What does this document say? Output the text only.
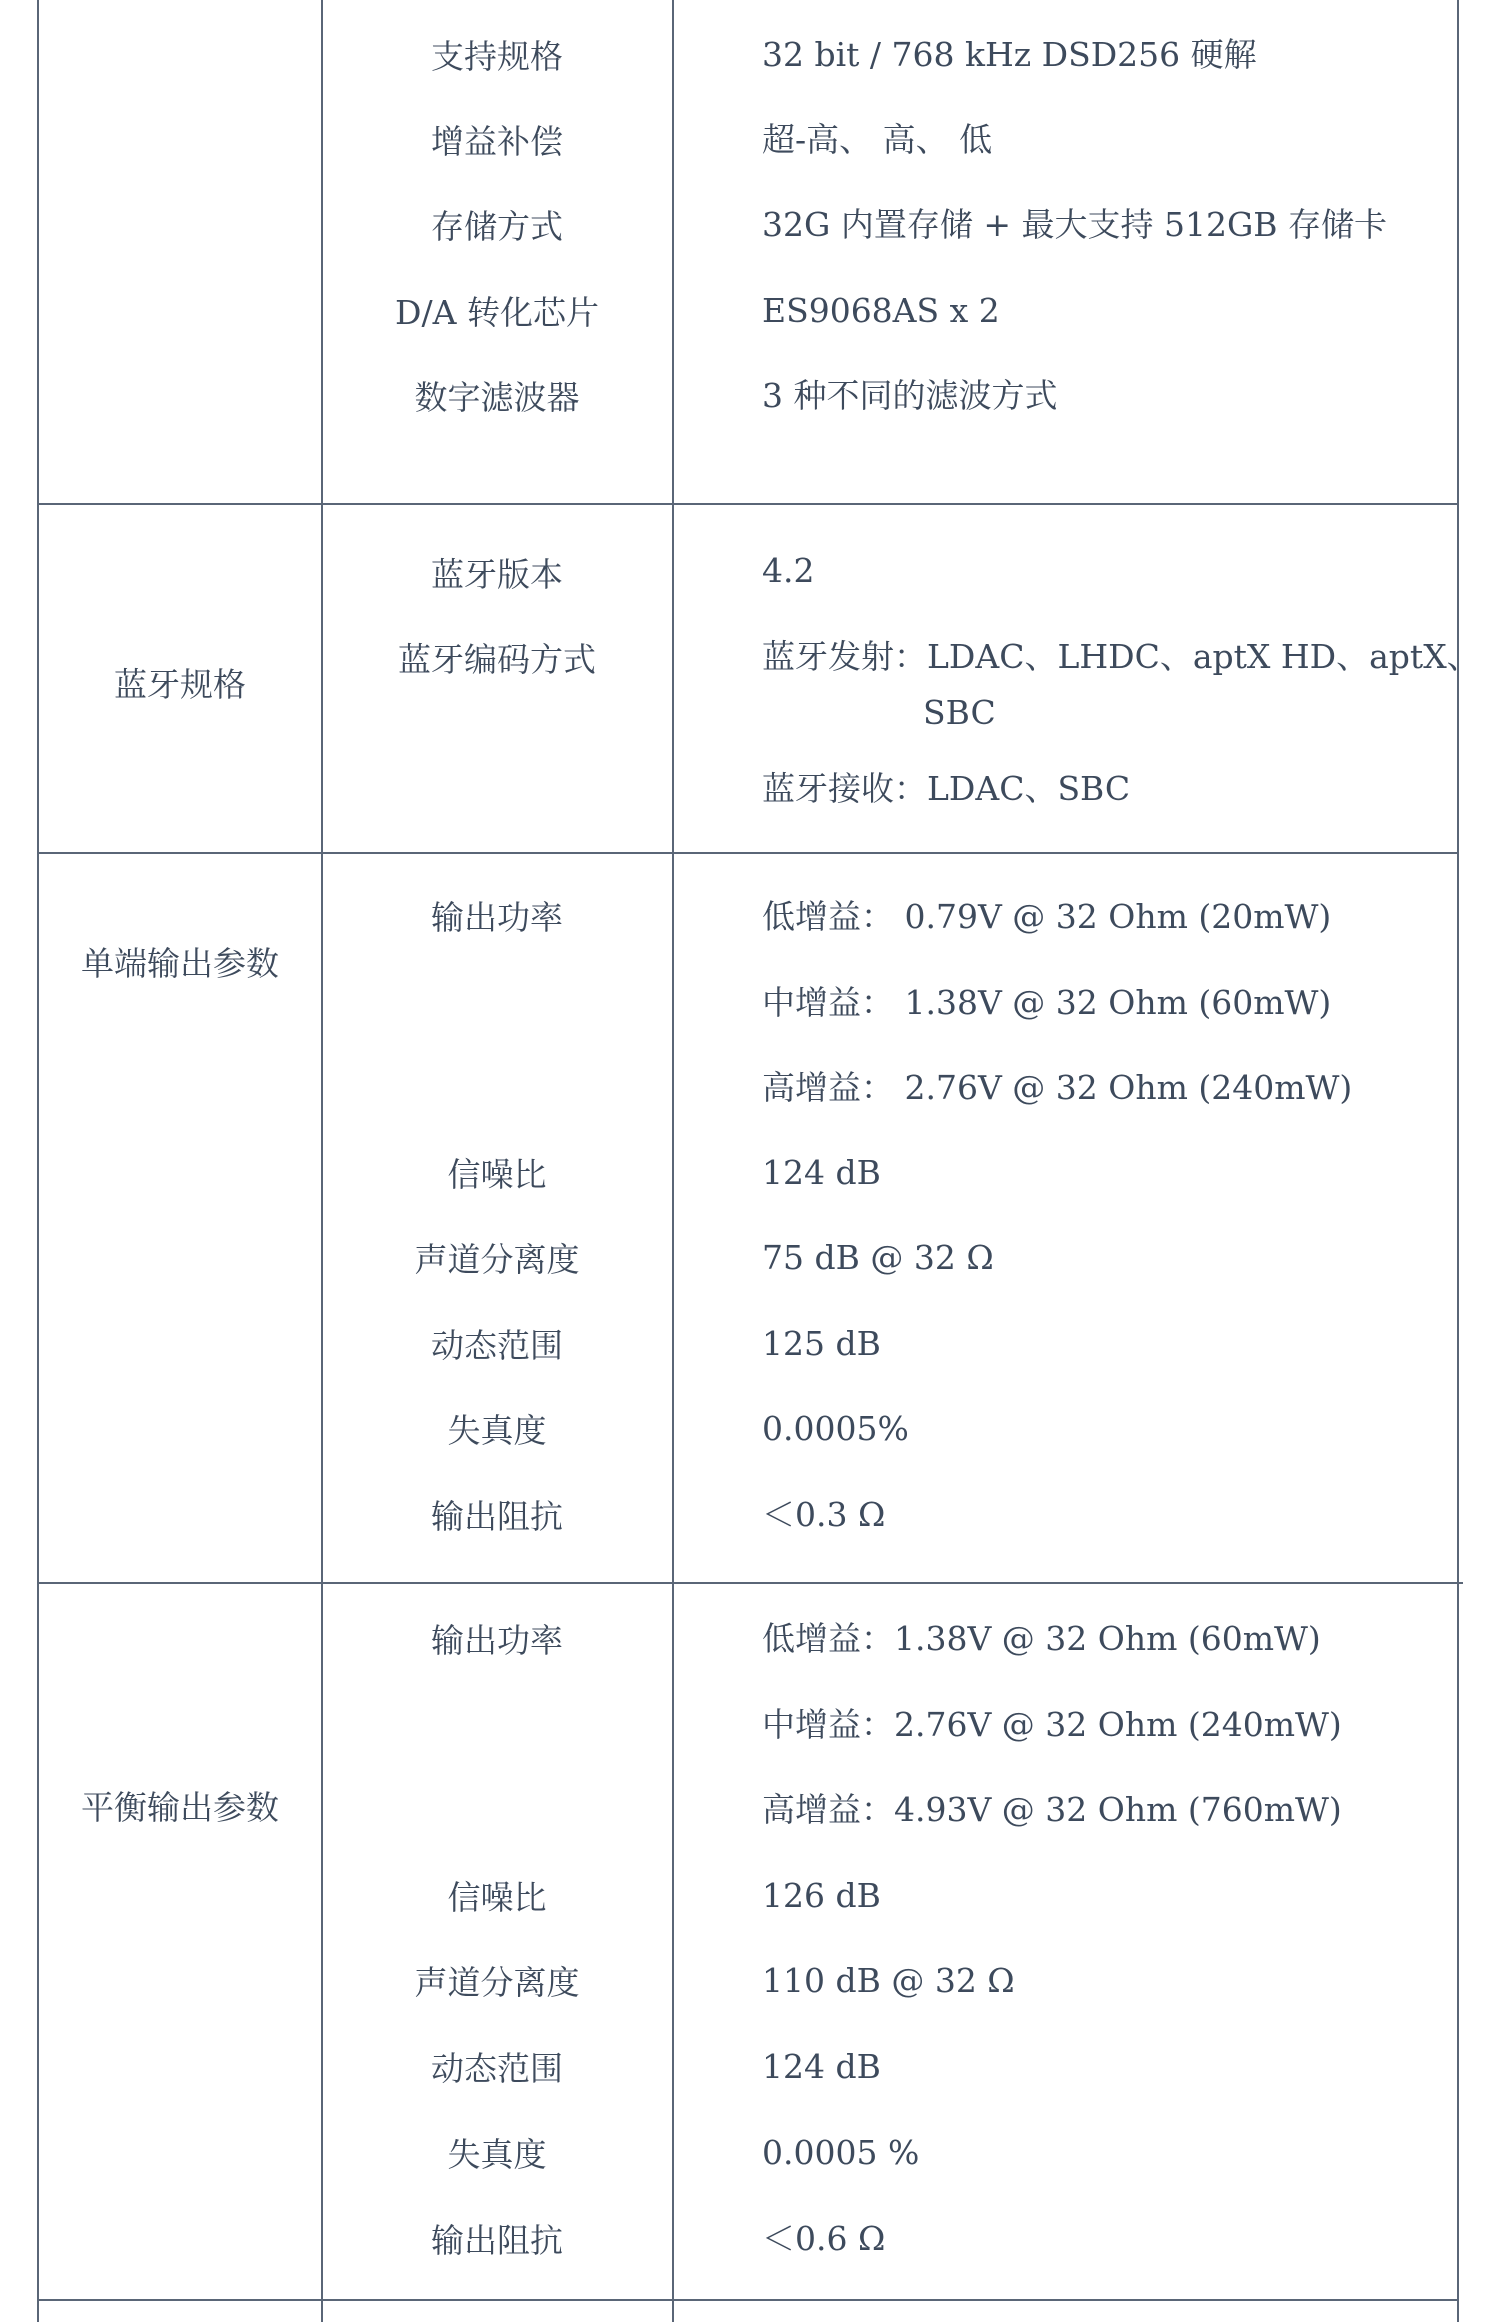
支持规格	32 bit / 768 kHz DSD256 硬解
增益补偿	超-高、 高、 低
存储方式	32G 内置存储 + 最大支持 512GB 存储卡
D/A 转化芯片	ES9068AS x 2
数字滤波器	3 种不同的滤波方式
蓝牙规格
蓝牙版本	4.2
蓝牙编码方式	蓝牙发射：LDAC、LHDC、aptX HD、aptX、
SBC
蓝牙接收：LDAC、SBC
单端输出参数
输出功率	低增益： 0.79V @ 32 Ohm (20mW)
中增益： 1.38V @ 32 Ohm (60mW)
高增益： 2.76V @ 32 Ohm (240mW)
信噪比	124 dB
声道分离度	75 dB @ 32 Ω
动态范围	125 dB
失真度	0.0005%
输出阻抗	＜0.3 Ω
平衡输出参数
输出功率	低增益：1.38V @ 32 Ohm (60mW)
中增益：2.76V @ 32 Ohm (240mW)
高增益：4.93V @ 32 Ohm (760mW)
信噪比	126 dB
声道分离度	110 dB @ 32 Ω
动态范围	124 dB
失真度	0.0005 %
输出阻抗	＜0.6 Ω
